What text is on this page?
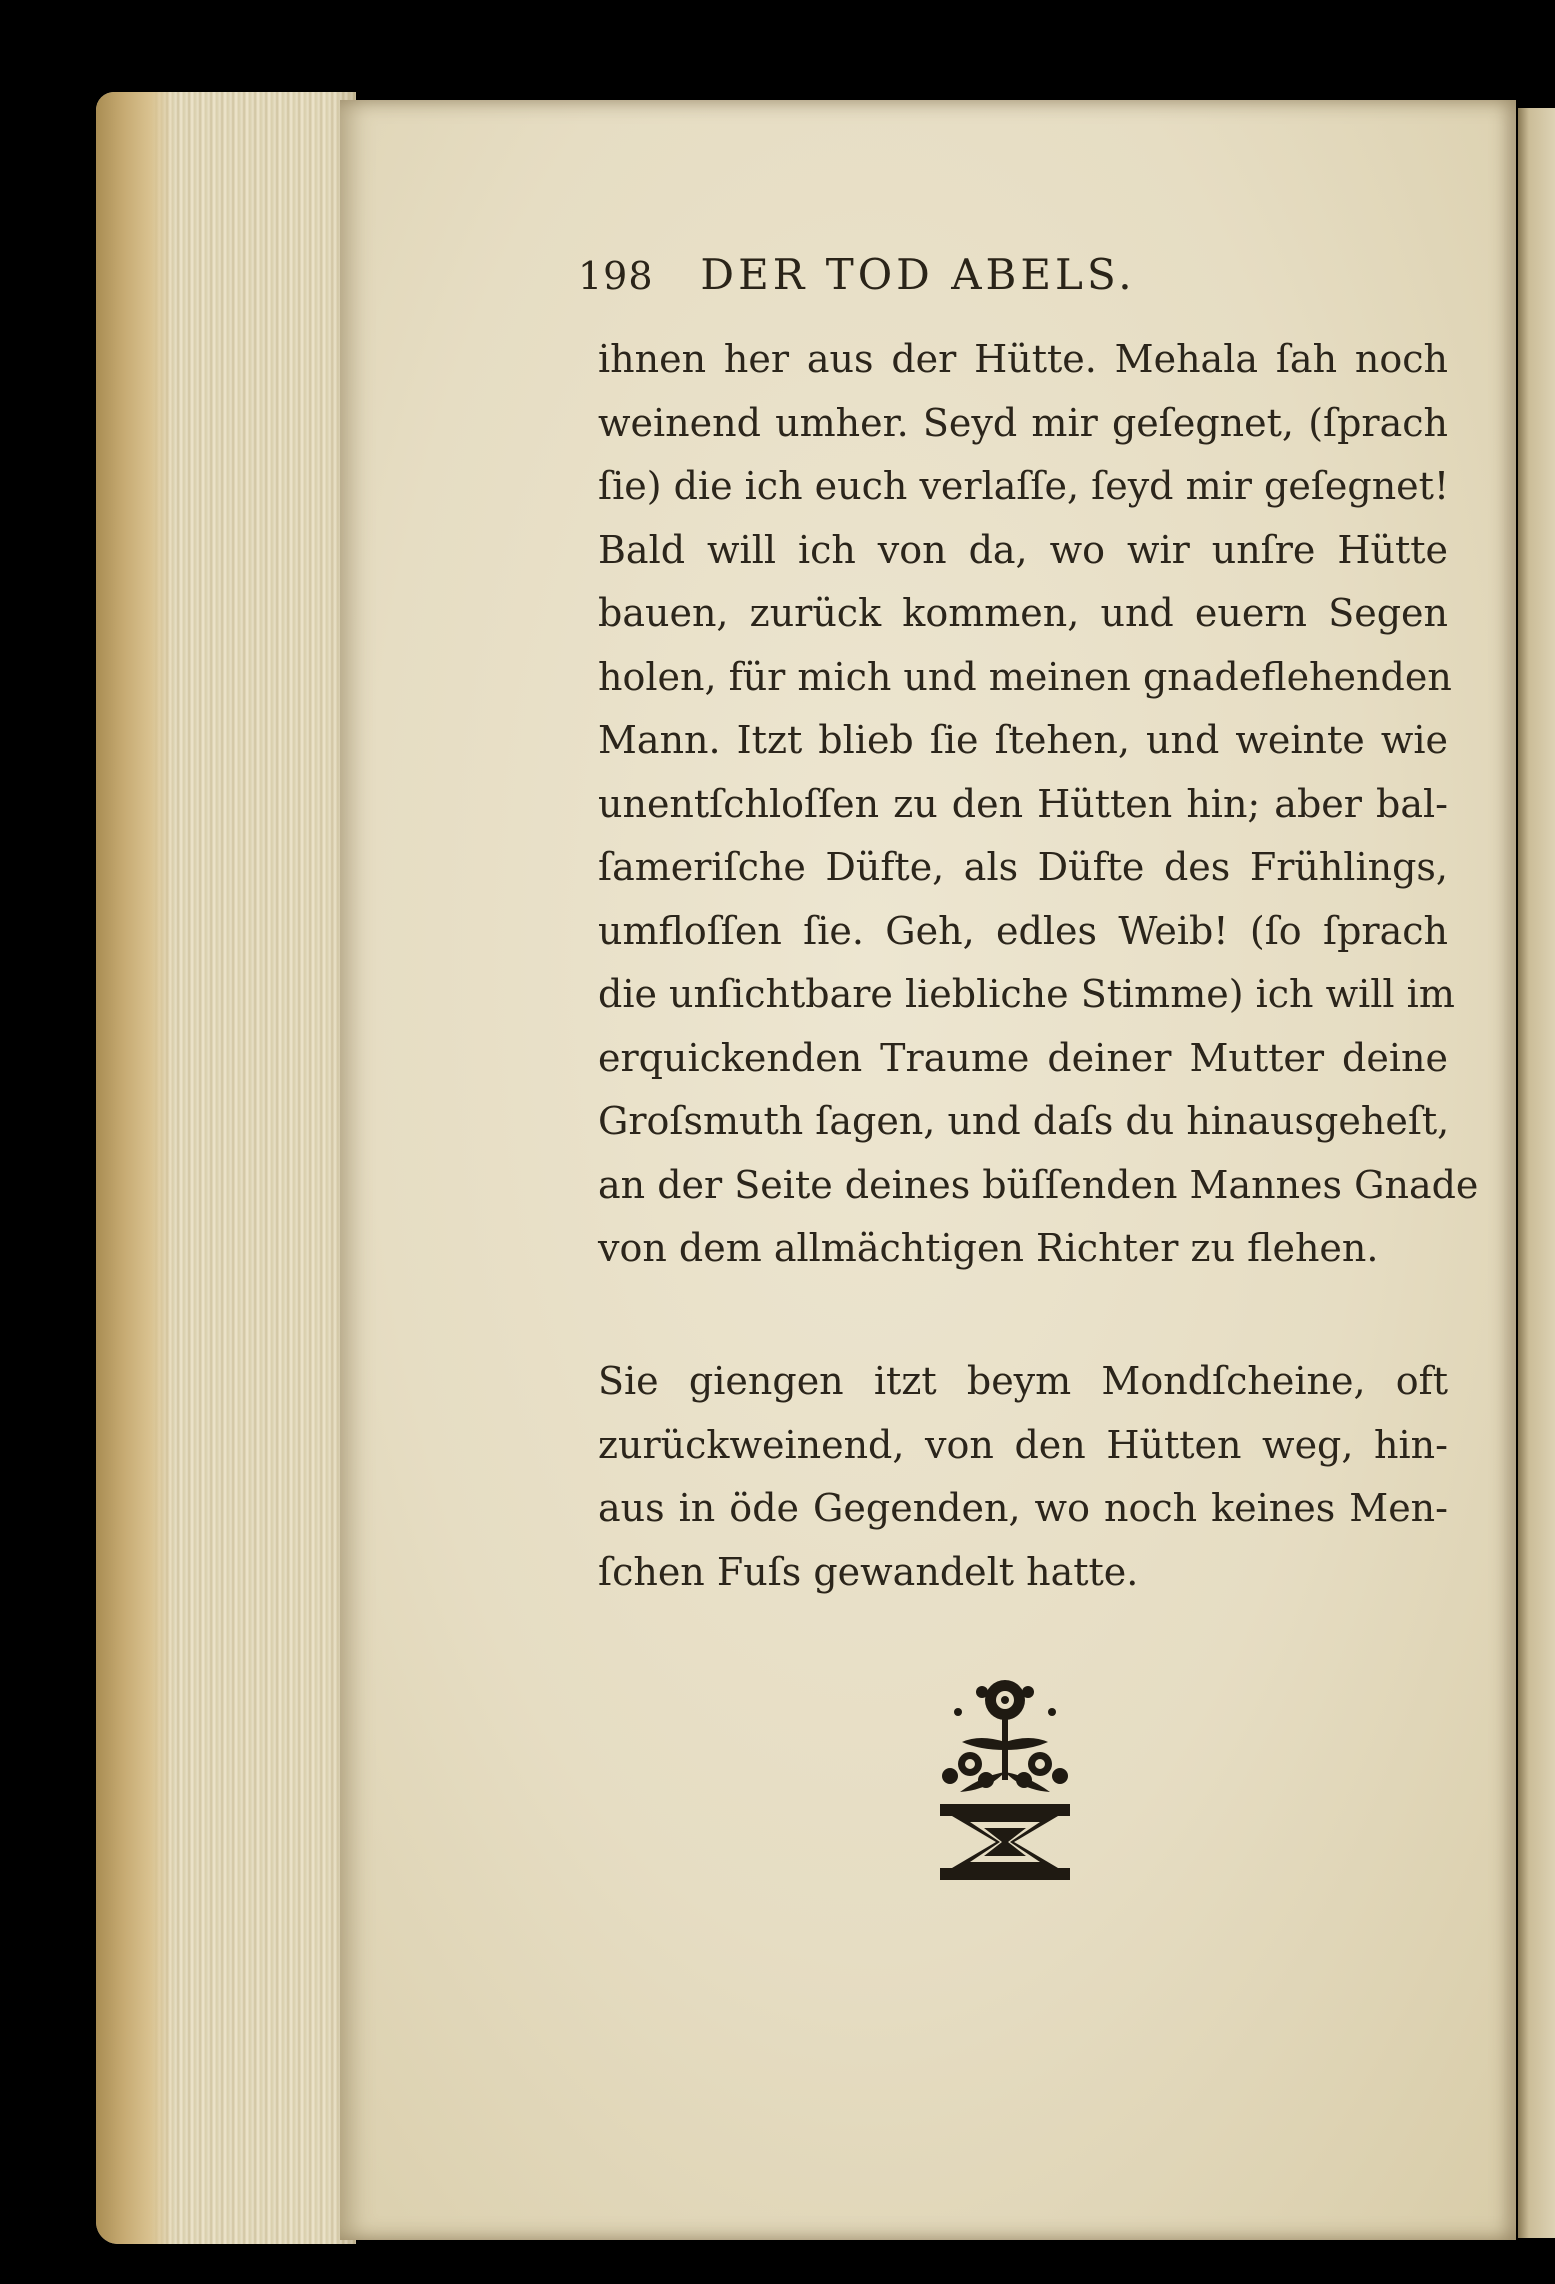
198 DER TOD ABELS.
ihnen her aus der Hütte. Mehala ſah noch
weinend umher. Seyd mir geſegnet, (ſprach
ſie) die ich euch verlaſſe, ſeyd mir geſegnet!
Bald will ich von da, wo wir unſre Hütte
bauen, zurück kommen, und euern Segen
holen, für mich und meinen gnadeflehenden
Mann. Itzt blieb ſie ſtehen, und weinte wie
unentſchloſſen zu den Hütten hin; aber bal-
ſameriſche Düfte, als Düfte des Frühlings,
umfloſſen ſie. Geh, edles Weib! (ſo ſprach
die unſichtbare liebliche Stimme) ich will im
erquickenden Traume deiner Mutter deine
Groſsmuth ſagen, und daſs du hinausgeheſt,
an der Seite deines büſſenden Mannes Gnade
von dem allmächtigen Richter zu flehen.
Sie giengen itzt beym Mondſcheine, oft
zurückweinend, von den Hütten weg, hin-
aus in öde Gegenden, wo noch keines Men-
ſchen Fuſs gewandelt hatte.
